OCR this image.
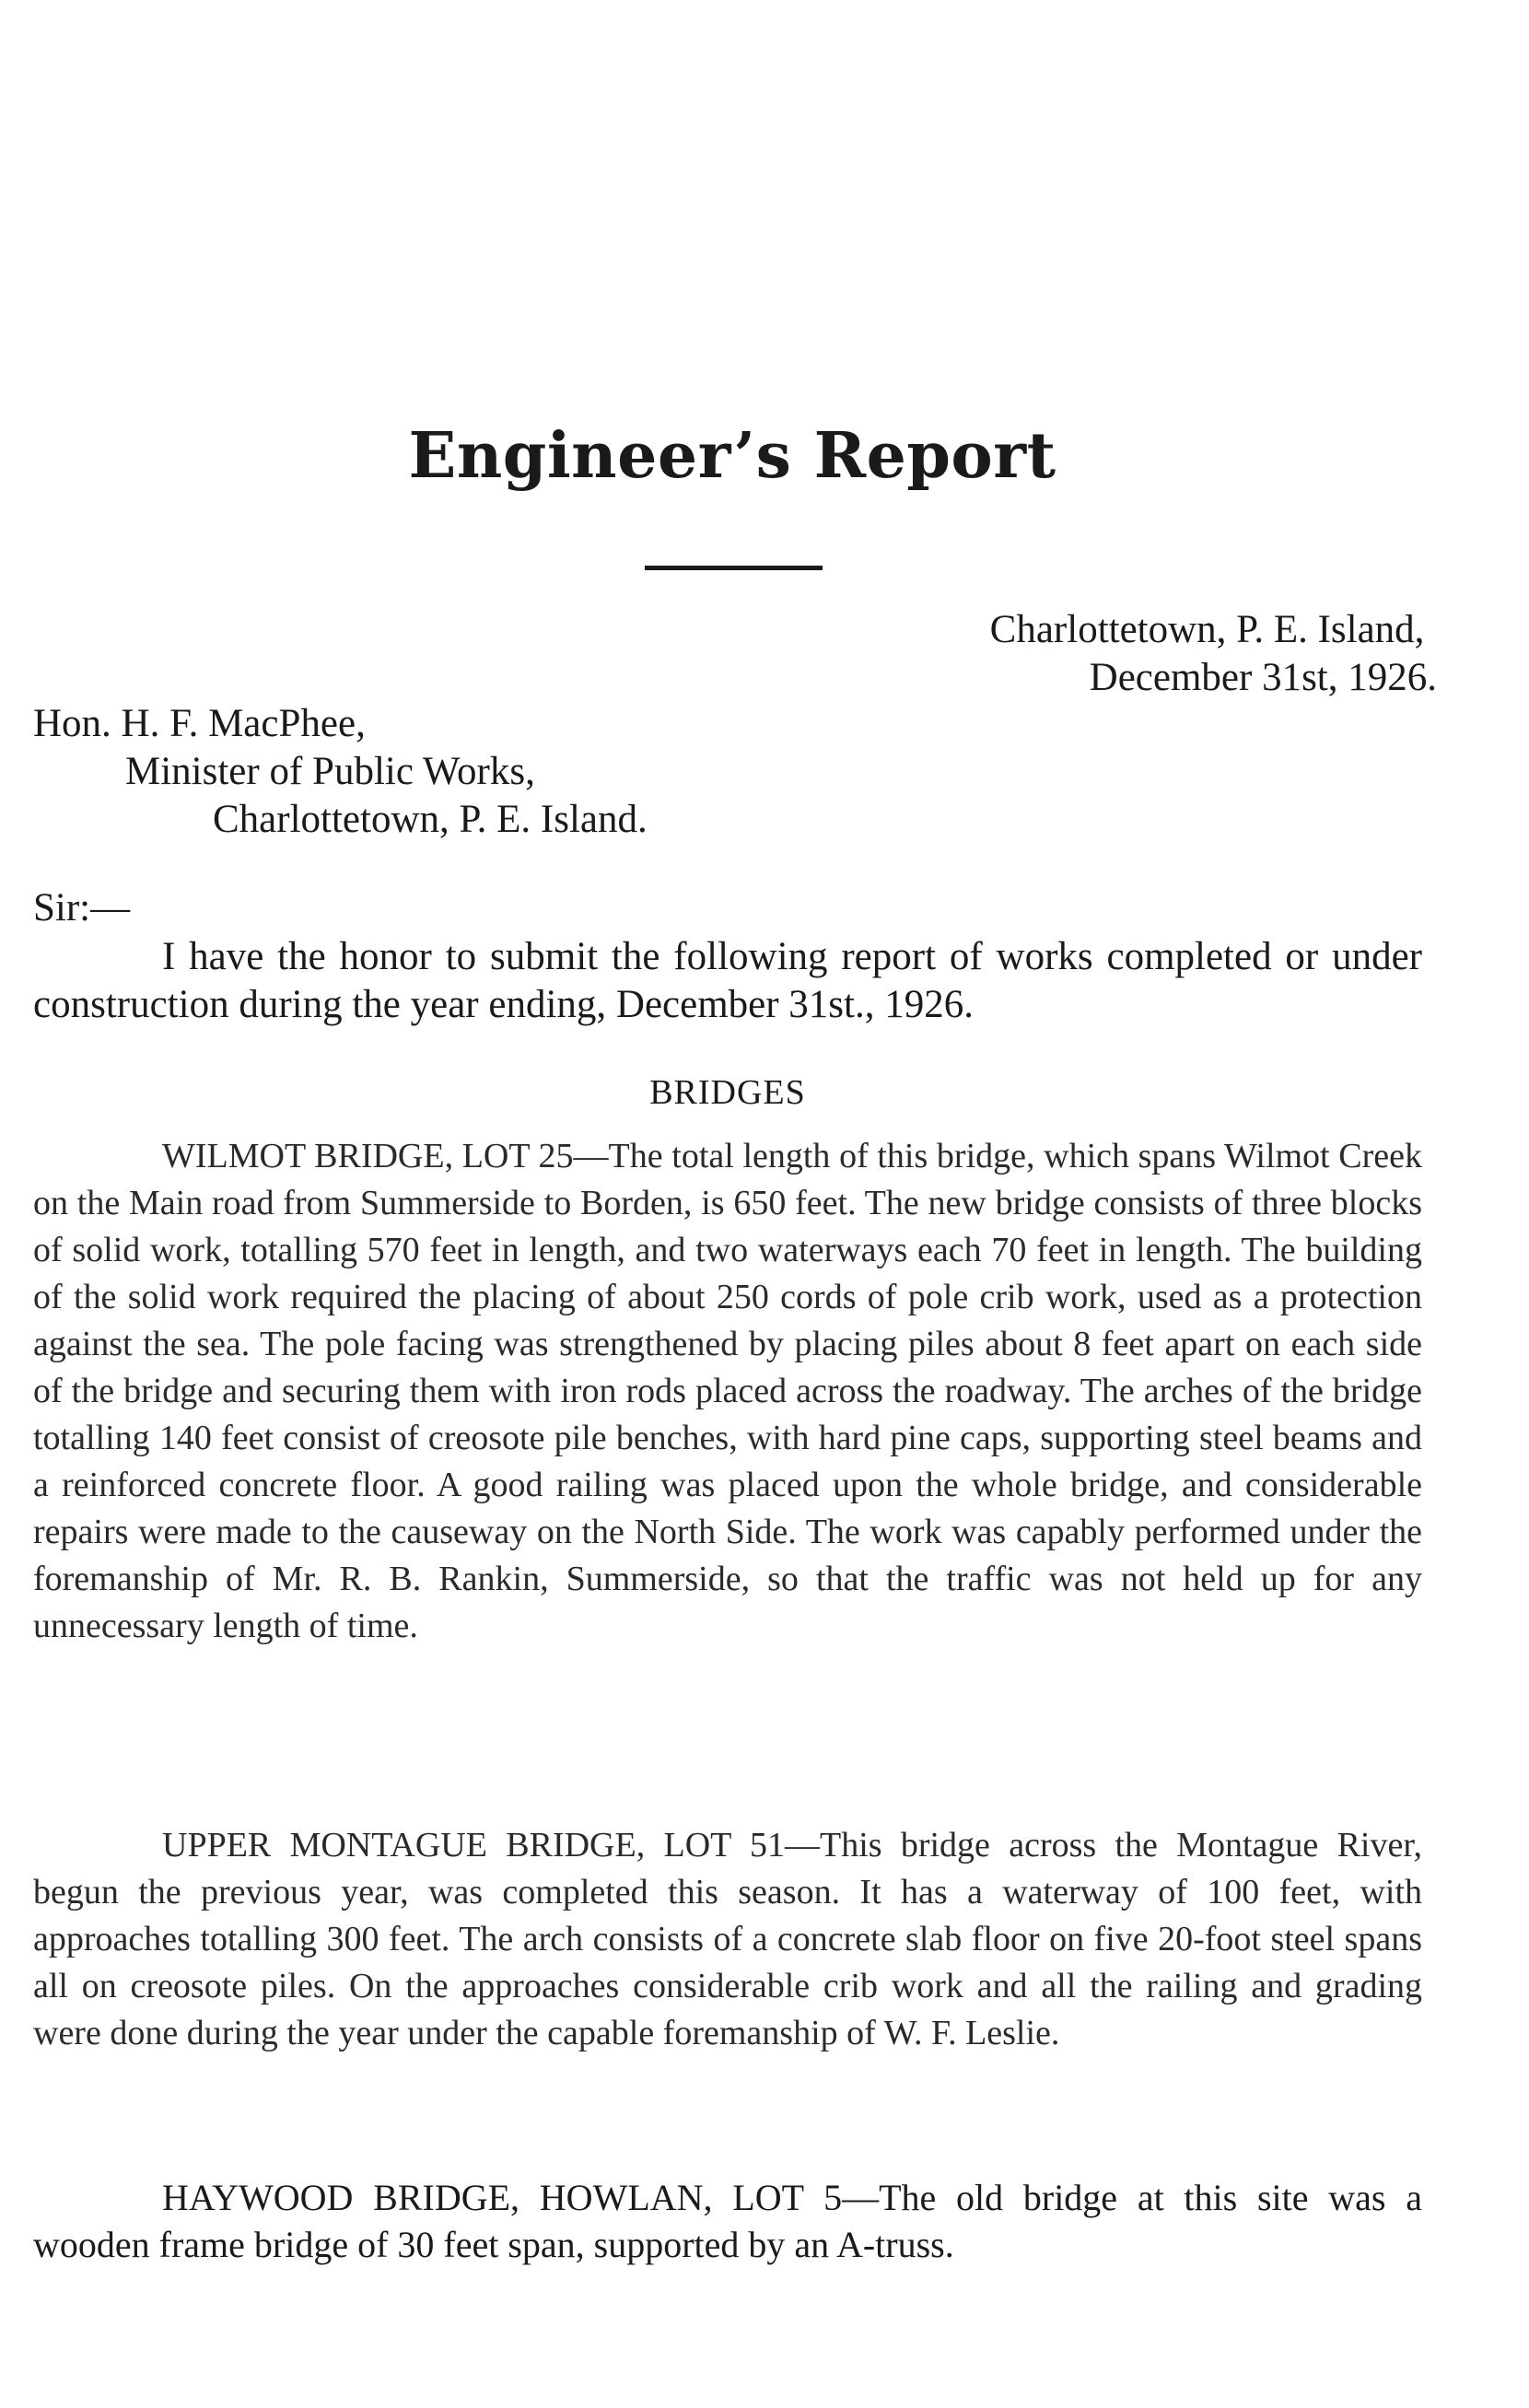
Engineer’s Report
Charlottetown, P. E. Island,
December 31st, 1926.
Hon. H. F. MacPhee,
Minister of Public Works,
Charlottetown, P. E. Island.
Sir:—

I have the honor to submit the following report of works completed or under construction during the year ending, December 31st., 1926.

BRIDGES

WILMOT BRIDGE, LOT 25—The total length of this bridge, which spans Wilmot Creek on the Main road from Summerside to Borden, is 650 feet. The new bridge consists of three blocks of solid work, totalling 570 feet in length, and two waterways each 70 feet in length. The building of the solid work required the placing of about 250 cords of pole crib work, used as a protection against the sea. The pole facing was strengthened by placing piles about 8 feet apart on each side of the bridge and securing them with iron rods placed across the roadway. The arches of the bridge totalling 140 feet consist of creosote pile benches, with hard pine caps, supporting steel beams and a reinforced concrete floor. A good railing was placed upon the whole bridge, and considerable repairs were made to the causeway on the North Side. The work was capably performed under the foremanship of Mr. R. B. Rankin, Summerside, so that the traffic was not held up for any unnecessary length of time.

UPPER MONTAGUE BRIDGE, LOT 51—This bridge across the Montague River, begun the previous year, was completed this season. It has a waterway of 100 feet, with approaches totalling 300 feet. The arch consists of a concrete slab floor on five 20-foot steel spans all on creosote piles. On the approaches considerable crib work and all the railing and grading were done during the year under the capable foremanship of W. F. Leslie.

HAYWOOD BRIDGE, HOWLAN, LOT 5—The old bridge at this site was a wooden frame bridge of 30 feet span, supported by an A-truss.
